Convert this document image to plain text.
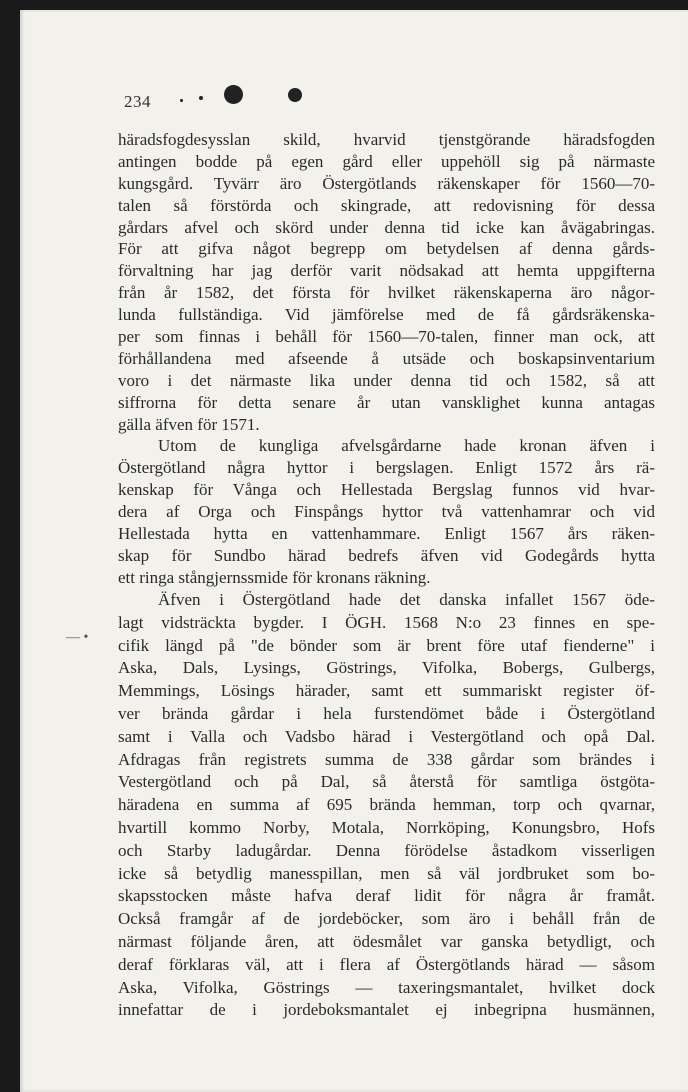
234
— •
häradsfogdesysslan skild, hvarvid tjenstgörande häradsfogden
antingen bodde på egen gård eller uppehöll sig på närmaste
kungsgård. Tyvärr äro Östergötlands räkenskaper för 1560—70-
talen så förstörda och skingrade, att redovisning för dessa
gårdars afvel och skörd under denna tid icke kan åvägabringas.
För att gifva något begrepp om betydelsen af denna gårds-
förvaltning har jag derför varit nödsakad att hemta uppgifterna
från år 1582, det första för hvilket räkenskaperna äro någor-
lunda fullständiga. Vid jämförelse med de få gårdsräkenska-
per som finnas i behåll för 1560—70-talen, finner man ock, att
förhållandena med afseende å utsäde och boskapsinventarium
voro i det närmaste lika under denna tid och 1582, så att
siffrorna för detta senare år utan vansklighet kunna antagas
gälla äfven för 1571.
Utom de kungliga afvelsgårdarne hade kronan äfven i
Östergötland några hyttor i bergslagen. Enligt 1572 års rä-
kenskap för Vånga och Hellestada Bergslag funnos vid hvar-
dera af Orga och Finspångs hyttor två vattenhamrar och vid
Hellestada hytta en vattenhammare. Enligt 1567 års räken-
skap för Sundbo härad bedrefs äfven vid Godegårds hytta
ett ringa stångjernssmide för kronans räkning.
Äfven i Östergötland hade det danska infallet 1567 öde-
lagt vidsträckta bygder. I ÖGH. 1568 N:o 23 finnes en spe-
cifik längd på "de bönder som är brent före utaf fienderne" i
Aska, Dals, Lysings, Göstrings, Vifolka, Bobergs, Gulbergs,
Memmings, Lösings härader, samt ett summariskt register öf-
ver brända gårdar i hela furstendömet både i Östergötland
samt i Valla och Vadsbo härad i Vestergötland och opå Dal.
Afdragas från registrets summa de 338 gårdar som brändes i
Vestergötland och på Dal, så återstå för samtliga östgöta-
häradena en summa af 695 brända hemman, torp och qvarnar,
hvartill kommo Norby, Motala, Norrköping, Konungsbro, Hofs
och Starby ladugårdar. Denna förödelse åstadkom visserligen
icke så betydlig manesspillan, men så väl jordbruket som bo-
skapsstocken måste hafva deraf lidit för några år framåt.
Också framgår af de jordeböcker, som äro i behåll från de
närmast följande åren, att ödesmålet var ganska betydligt, och
deraf förklaras väl, att i flera af Östergötlands härad — såsom
Aska, Vifolka, Göstrings — taxeringsmantalet, hvilket dock
innefattar de i jordeboksmantalet ej inbegripna husmännen,
